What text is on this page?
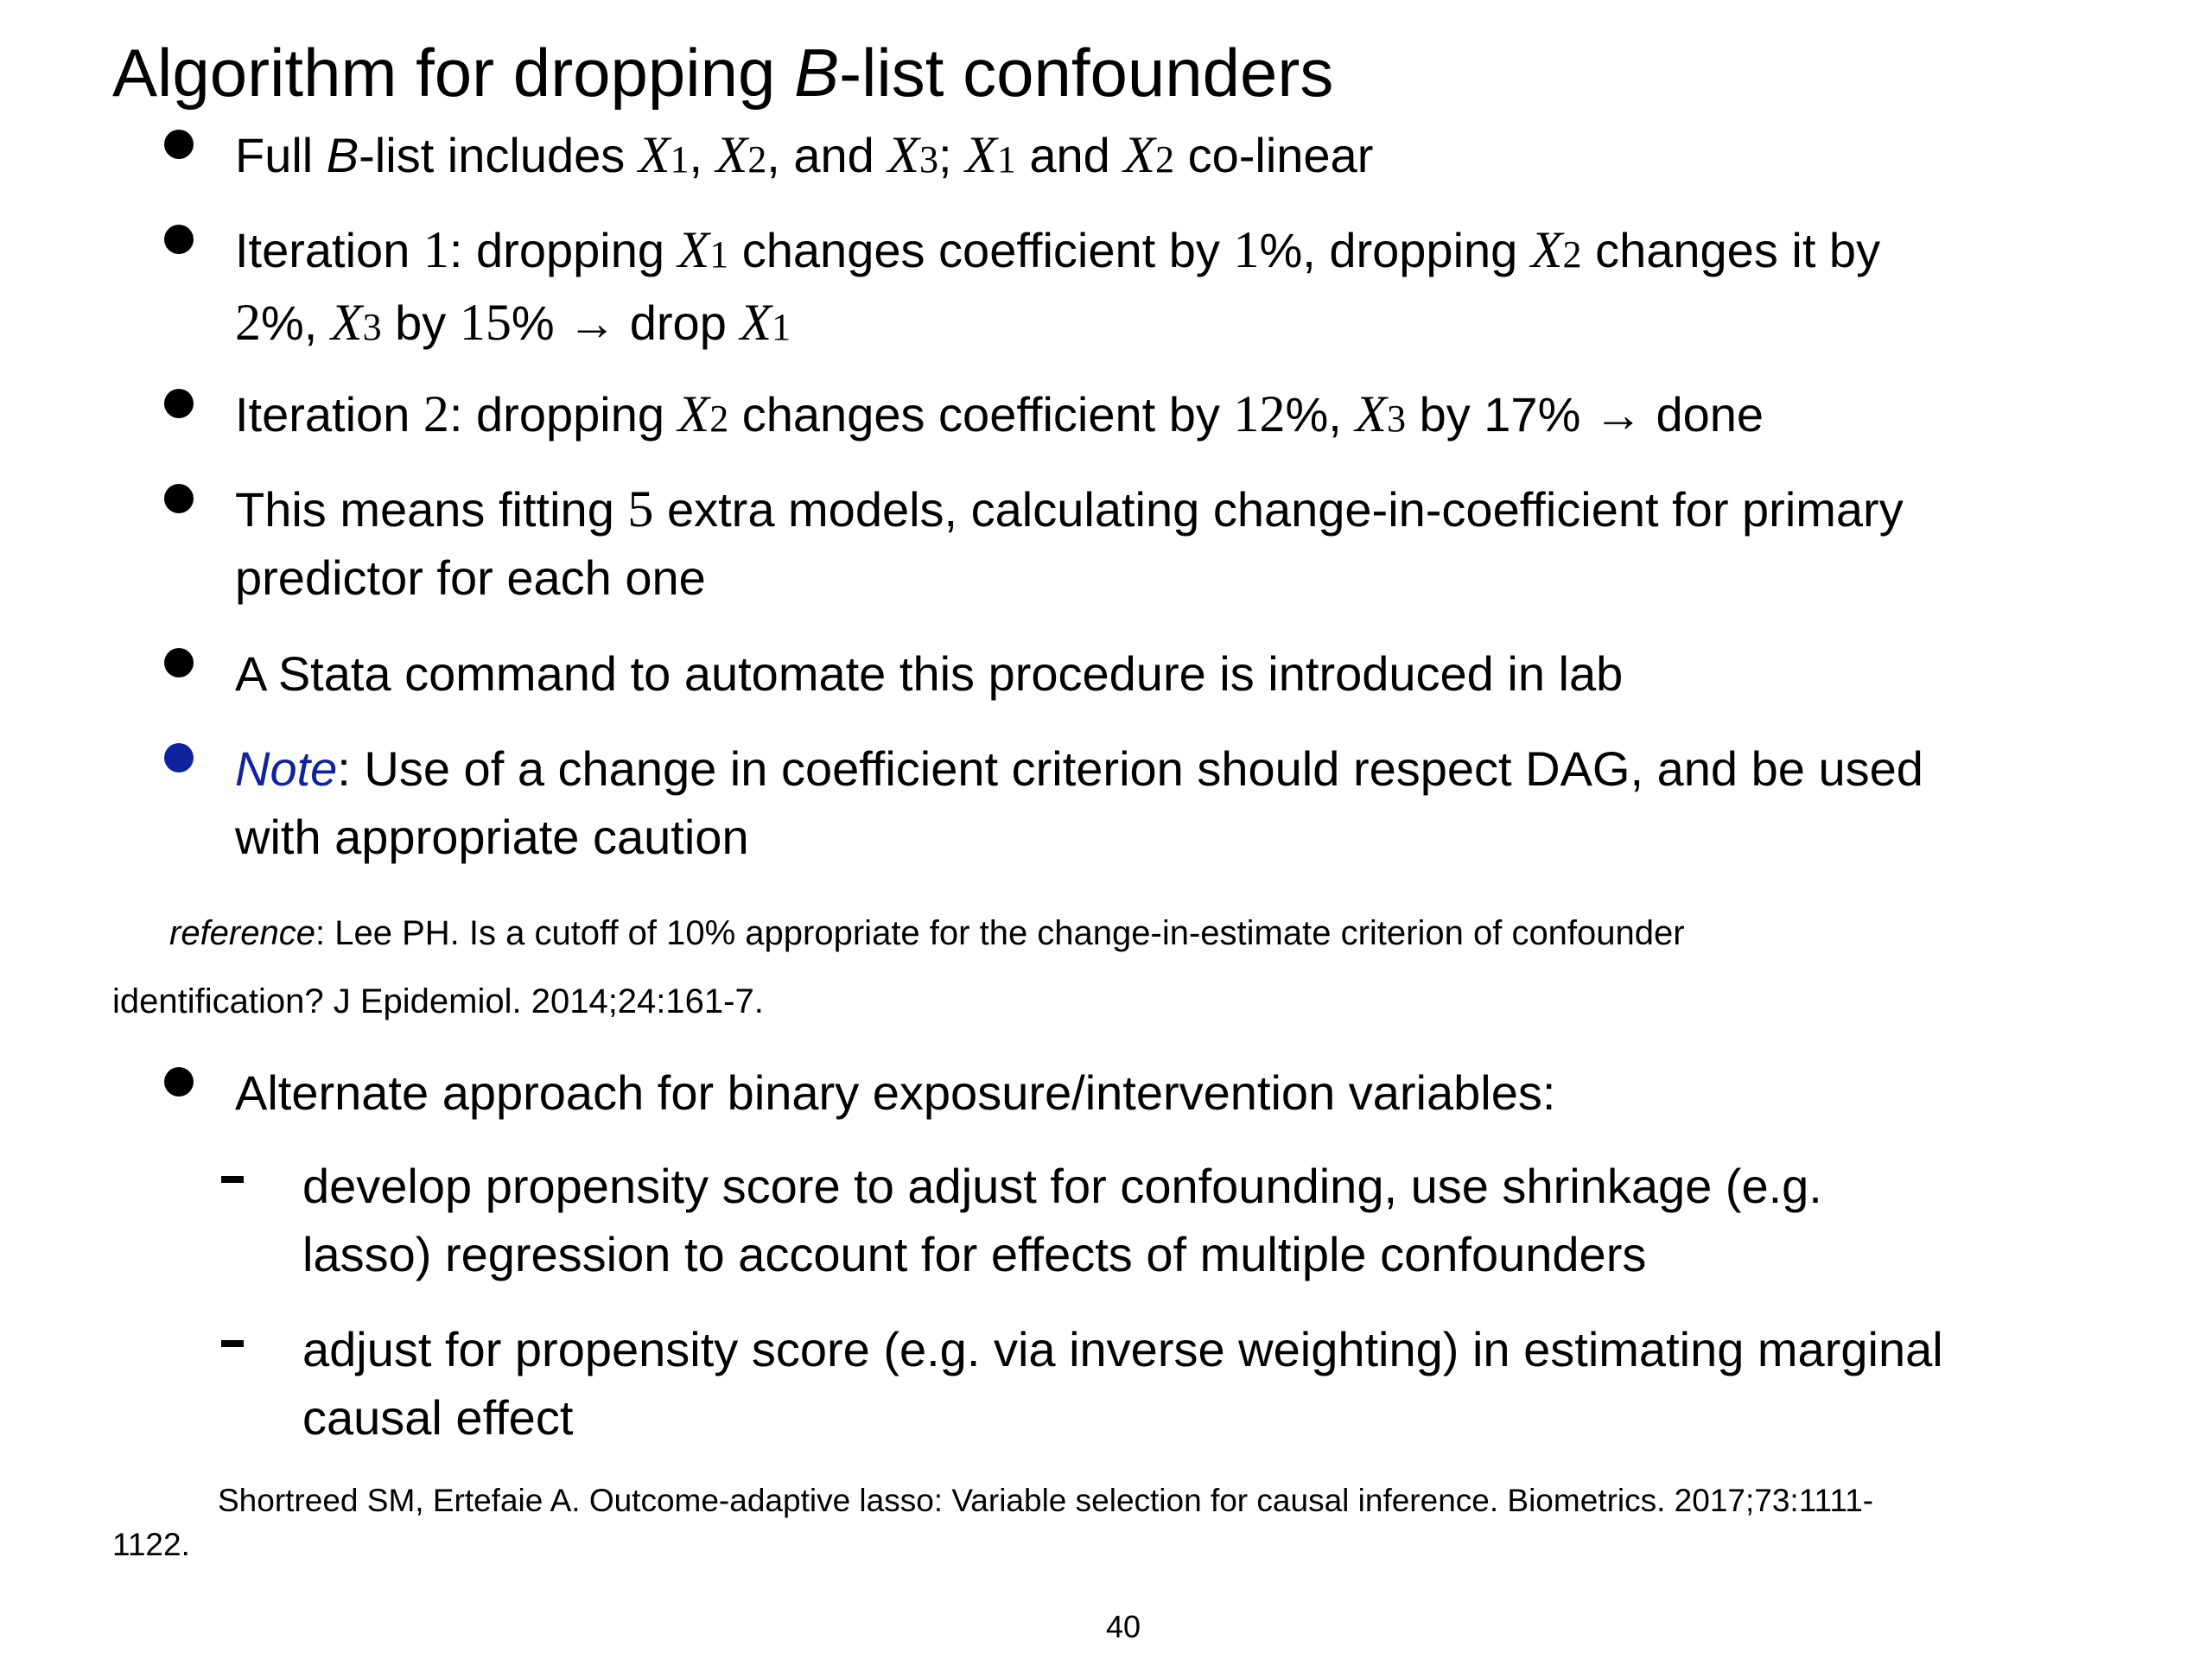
Algorithm for dropping B-list confounders
Full B-list includes X1, X2, and X3; X1 and X2 co-linear
Iteration 1: dropping X1 changes coefficient by 1%, dropping X2 changes it by 2%, X3 by 15% → drop X1
Iteration 2: dropping X2 changes coefficient by 12%, X3 by 17% → done
This means fitting 5 extra models, calculating change-in-coefficient for primary predictor for each one
A Stata command to automate this procedure is introduced in lab
Note: Use of a change in coefficient criterion should respect DAG, and be used with appropriate caution
reference: Lee PH. Is a cutoff of 10% appropriate for the change-in-estimate criterion of confounder
identification? J Epidemiol. 2014;24:161-7.
Alternate approach for binary exposure/intervention variables:
develop propensity score to adjust for confounding, use shrinkage (e.g. lasso) regression to account for effects of multiple confounders
adjust for propensity score (e.g. via inverse weighting) in estimating marginal causal effect
Shortreed SM, Ertefaie A. Outcome-adaptive lasso: Variable selection for causal inference. Biometrics. 2017;73:1111-
1122.
40
